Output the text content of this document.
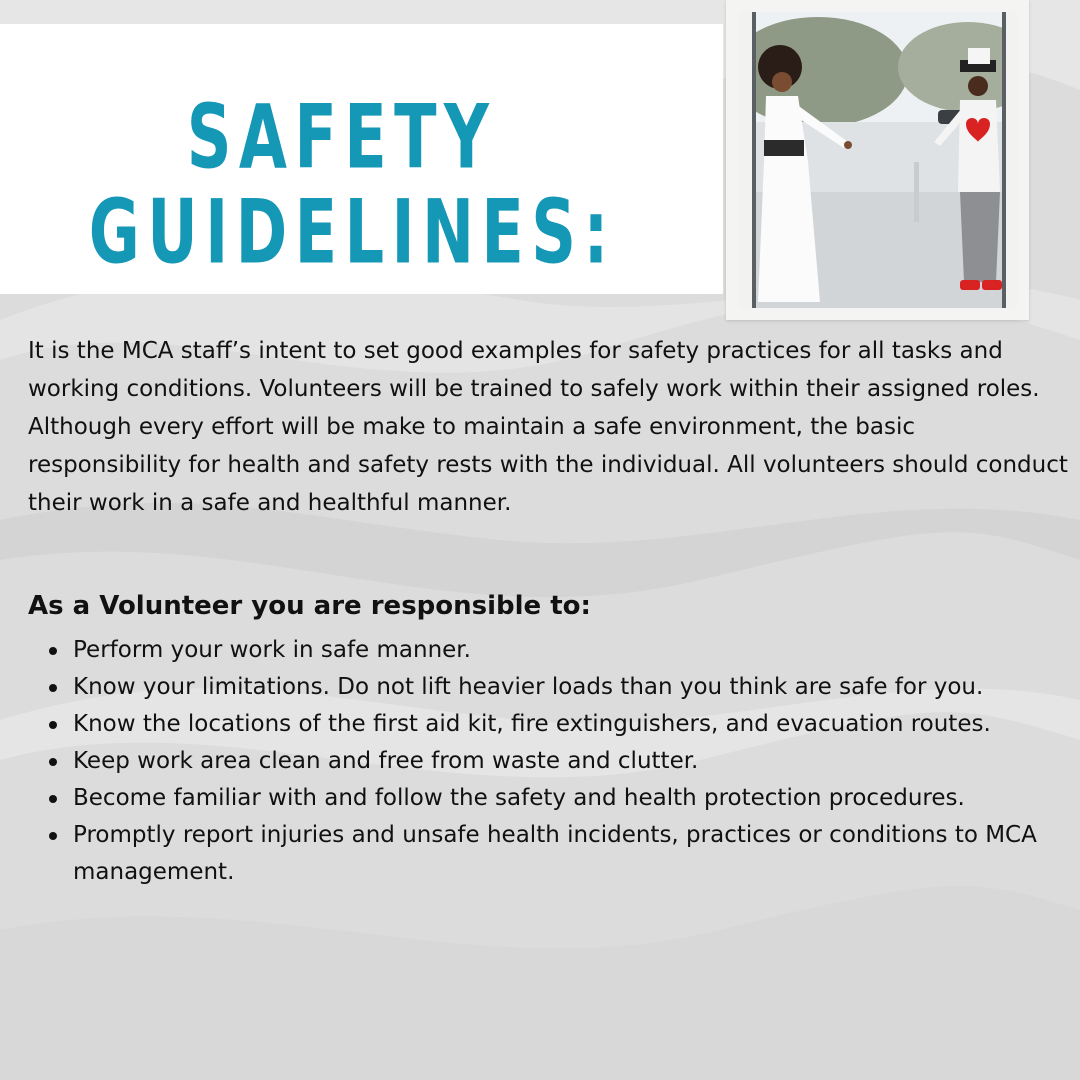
SAFETY
GUIDELINES:

It is the MCA staff’s intent to set good examples for safety practices for all tasks and working conditions. Volunteers will be trained to safely work within their assigned roles. Although every effort will be make to maintain a safe environment, the basic responsibility for health and safety rests with the individual. All volunteers should conduct their work in a safe and healthful manner.

As a Volunteer you are responsible to:
Perform your work in safe manner.
Know your limitations. Do not lift heavier loads than you think are safe for you.
Know the locations of the first aid kit, fire extinguishers, and evacuation routes.
Keep work area clean and free from waste and clutter.
Become familiar with and follow the safety and health protection procedures.
Promptly report injuries and unsafe health incidents, practices or conditions to MCA management.
